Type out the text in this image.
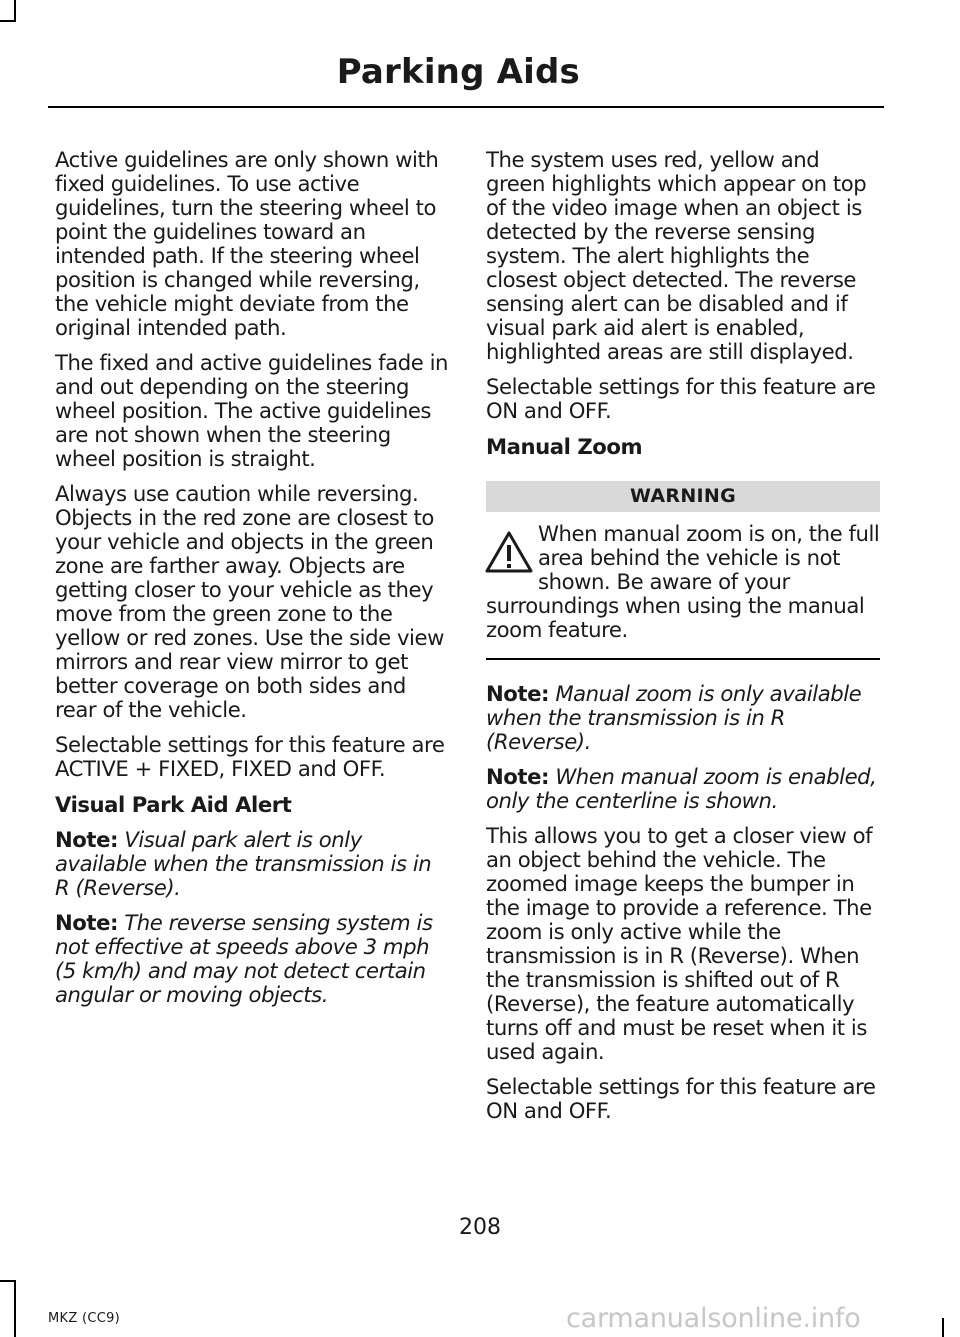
Parking Aids

Active guidelines are only shown with fixed guidelines. To use active guidelines, turn the steering wheel to point the guidelines toward an intended path. If the steering wheel position is changed while reversing, the vehicle might deviate from the original intended path.

The fixed and active guidelines fade in and out depending on the steering wheel position. The active guidelines are not shown when the steering wheel position is straight.

Always use caution while reversing. Objects in the red zone are closest to your vehicle and objects in the green zone are farther away. Objects are getting closer to your vehicle as they move from the green zone to the yellow or red zones. Use the side view mirrors and rear view mirror to get better coverage on both sides and rear of the vehicle.

Selectable settings for this feature are ACTIVE + FIXED, FIXED and OFF.

Visual Park Aid Alert

Note: Visual park alert is only available when the transmission is in R (Reverse).

Note: The reverse sensing system is not effective at speeds above 3 mph (5 km/h) and may not detect certain angular or moving objects.

The system uses red, yellow and green highlights which appear on top of the video image when an object is detected by the reverse sensing system. The alert highlights the closest object detected. The reverse sensing alert can be disabled and if visual park aid alert is enabled, highlighted areas are still displayed.

Selectable settings for this feature are ON and OFF.

Manual Zoom

WARNING
When manual zoom is on, the full area behind the vehicle is not shown. Be aware of your surroundings when using the manual zoom feature.

Note: Manual zoom is only available when the transmission is in R (Reverse).

Note: When manual zoom is enabled, only the centerline is shown.

This allows you to get a closer view of an object behind the vehicle. The zoomed image keeps the bumper in the image to provide a reference. The zoom is only active while the transmission is in R (Reverse). When the transmission is shifted out of R (Reverse), the feature automatically turns off and must be reset when it is used again.

Selectable settings for this feature are ON and OFF.

208
MKZ (CC9)	carmanualsonline.info
